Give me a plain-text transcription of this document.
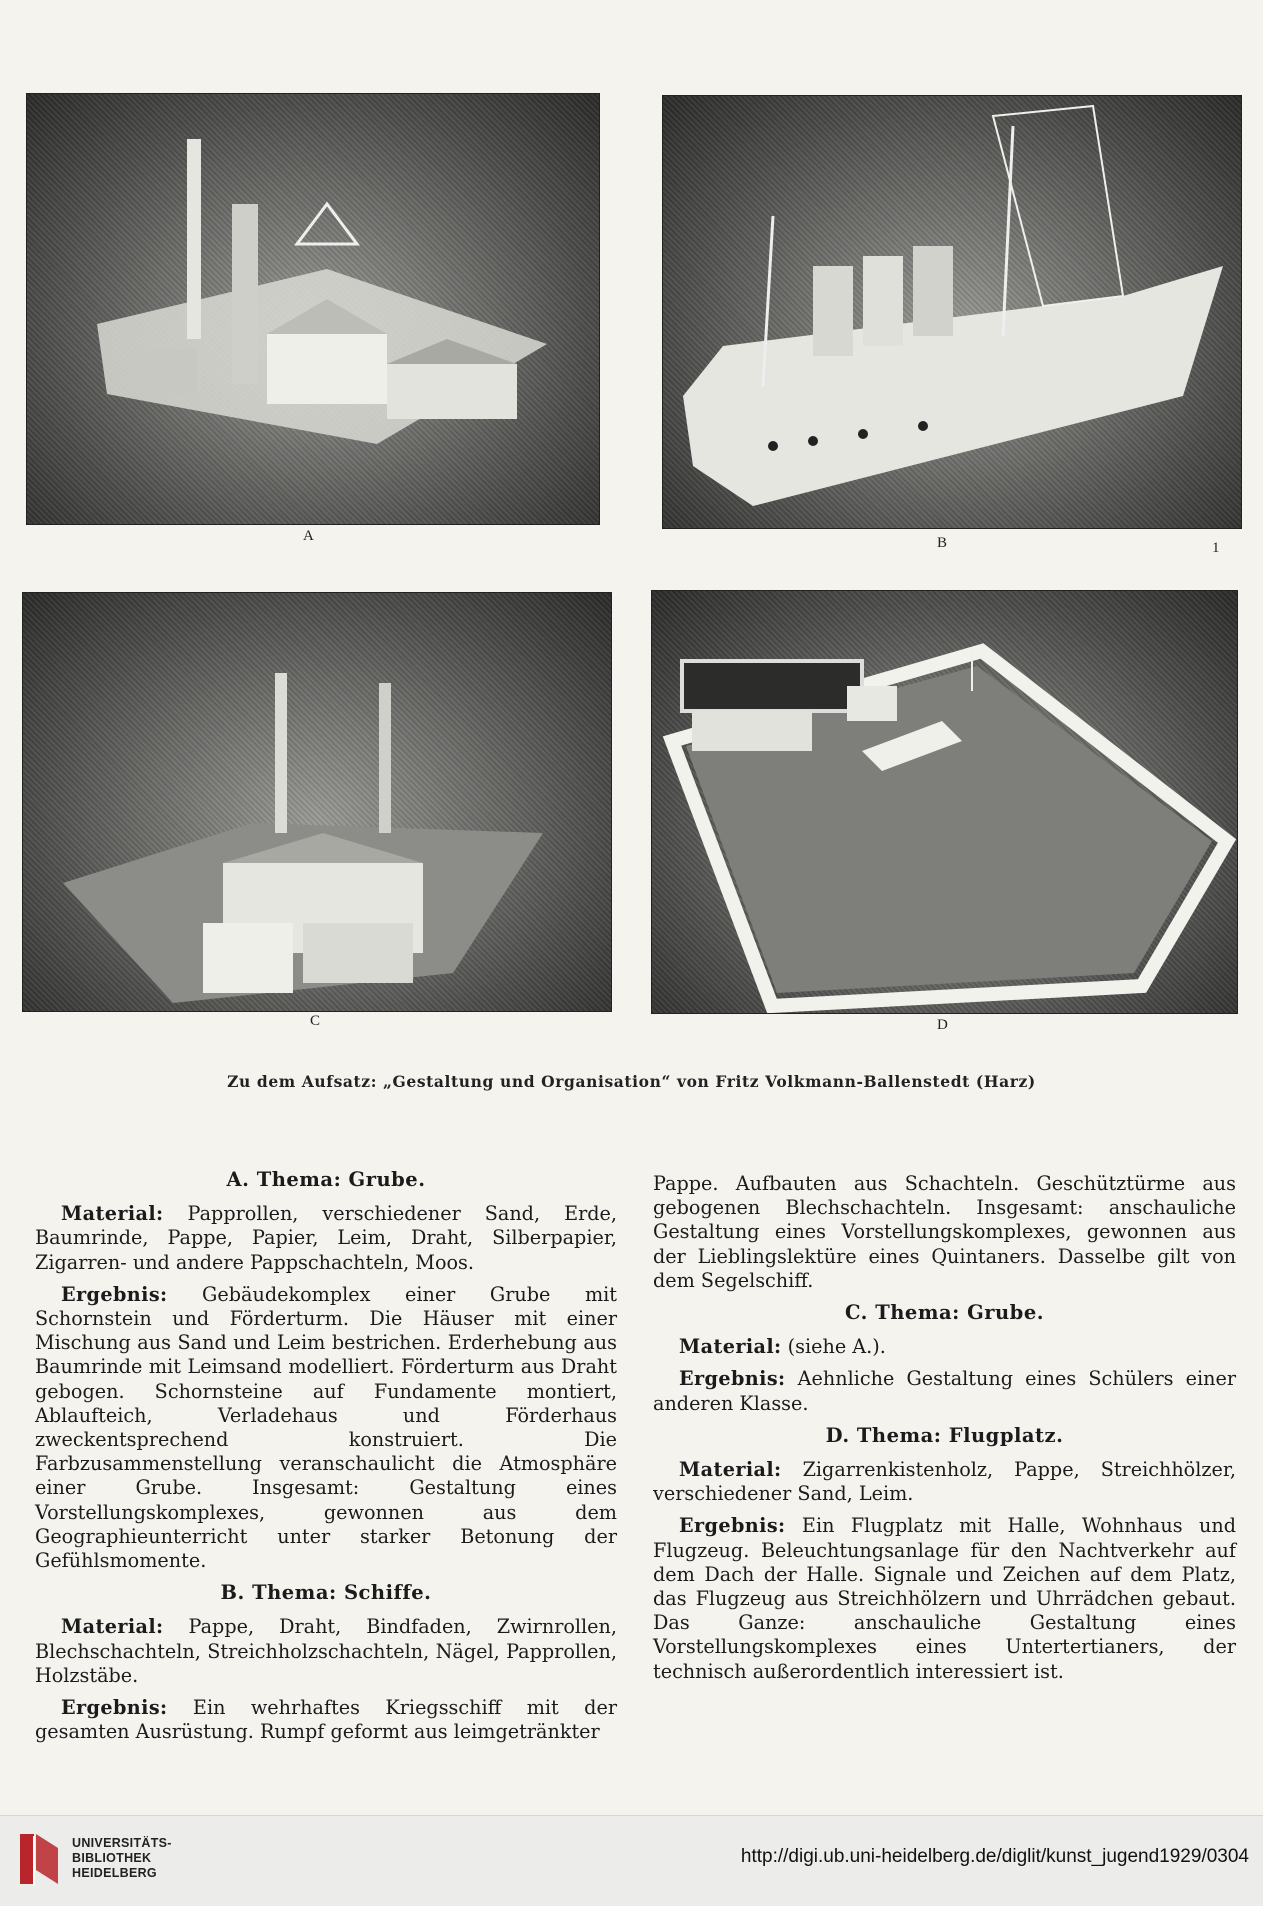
A	B	1
C	D
Zu dem Aufsatz: „Gestaltung und Organisation“ von Fritz Volkmann-Ballenstedt (Harz)
A. Thema: Grube.

Material: Papprollen, verschiedener Sand, Erde, Baumrinde, Pappe, Papier, Leim, Draht, Silberpapier, Zigarren- und andere Pappschachteln, Moos.

Ergebnis: Gebäudekomplex einer Grube mit Schornstein und Förderturm. Die Häuser mit einer Mischung aus Sand und Leim bestrichen. Erderhebung aus Baumrinde mit Leimsand modelliert. Förderturm aus Draht gebogen. Schornsteine auf Fundamente montiert, Ablaufteich, Verladehaus und Förderhaus zweckentsprechend konstruiert. Die Farbzusammenstellung veranschaulicht die Atmosphäre einer Grube. Insgesamt: Gestaltung eines Vorstellungskomplexes, gewonnen aus dem Geographieunterricht unter starker Betonung der Gefühlsmomente.

B. Thema: Schiffe.

Material: Pappe, Draht, Bindfaden, Zwirnrollen, Blechschachteln, Streichholzschachteln, Nägel, Papprollen, Holzstäbe.

Ergebnis: Ein wehrhaftes Kriegsschiff mit der gesamten Ausrüstung. Rumpf geformt aus leimgetränkter

Pappe. Aufbauten aus Schachteln. Geschütztürme aus gebogenen Blechschachteln. Insgesamt: anschauliche Gestaltung eines Vorstellungskomplexes, gewonnen aus der Lieblingslektüre eines Quintaners. Dasselbe gilt von dem Segelschiff.

C. Thema: Grube.

Material: (siehe A.).

Ergebnis: Aehnliche Gestaltung eines Schülers einer anderen Klasse.

D. Thema: Flugplatz.

Material: Zigarrenkistenholz, Pappe, Streichhölzer, verschiedener Sand, Leim.

Ergebnis: Ein Flugplatz mit Halle, Wohnhaus und Flugzeug. Beleuchtungsanlage für den Nachtverkehr auf dem Dach der Halle. Signale und Zeichen auf dem Platz, das Flugzeug aus Streichhölzern und Uhrrädchen gebaut. Das Ganze: anschauliche Gestaltung eines Vorstellungskomplexes eines Untertertianers, der technisch außerordentlich interessiert ist.

UNIVERSITÄTS-
BIBLIOTHEK
HEIDELBERG
http://digi.ub.uni-heidelberg.de/diglit/kunst_jugend1929/0304
